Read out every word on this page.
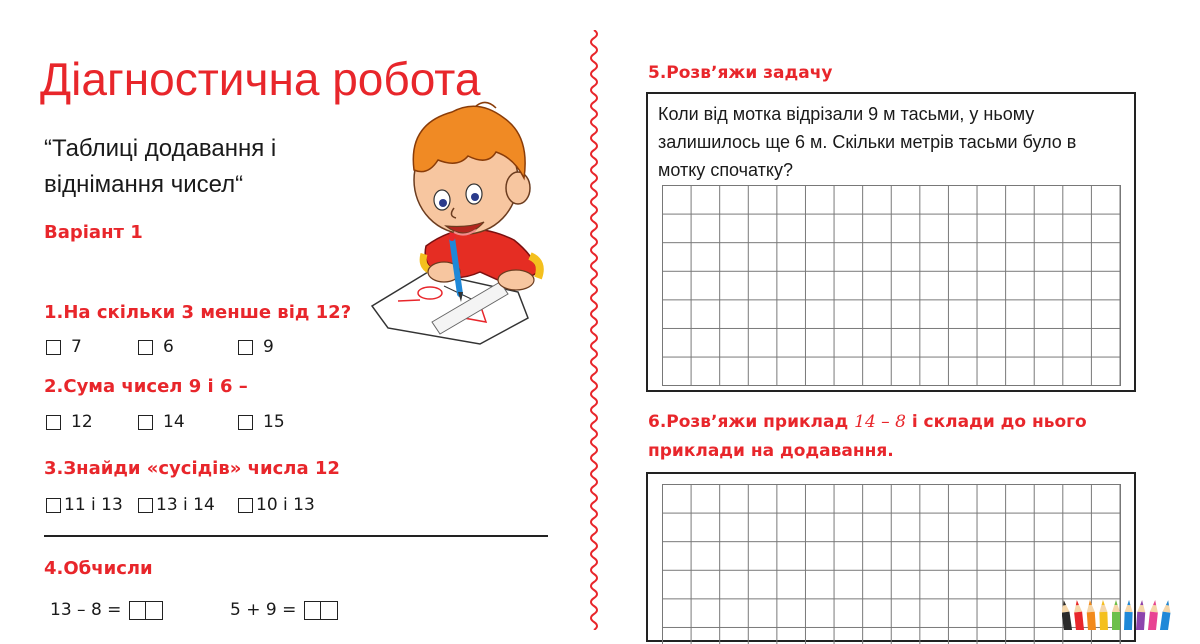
Діагностична робота
“Таблиці додавання і віднімання чисел“
Варіант 1
1.На скільки 3 менше від 12?
7	6	9
2.Сума чисел 9 і 6 –
12	14	15
3.Знайди «сусідів» числа 12
11 і 13 13 і 14 10 і 13
4.Обчисли
13 – 8 =	5 + 9 =
5.Розвʼяжи задачу
Коли від мотка відрізали 9 м тасьми, у ньому залишилось ще 6 м. Скільки метрів тасьми було в мотку спочатку?
6.Розвʼяжи приклад 14 – 8 і склади до нього приклади на додавання.
